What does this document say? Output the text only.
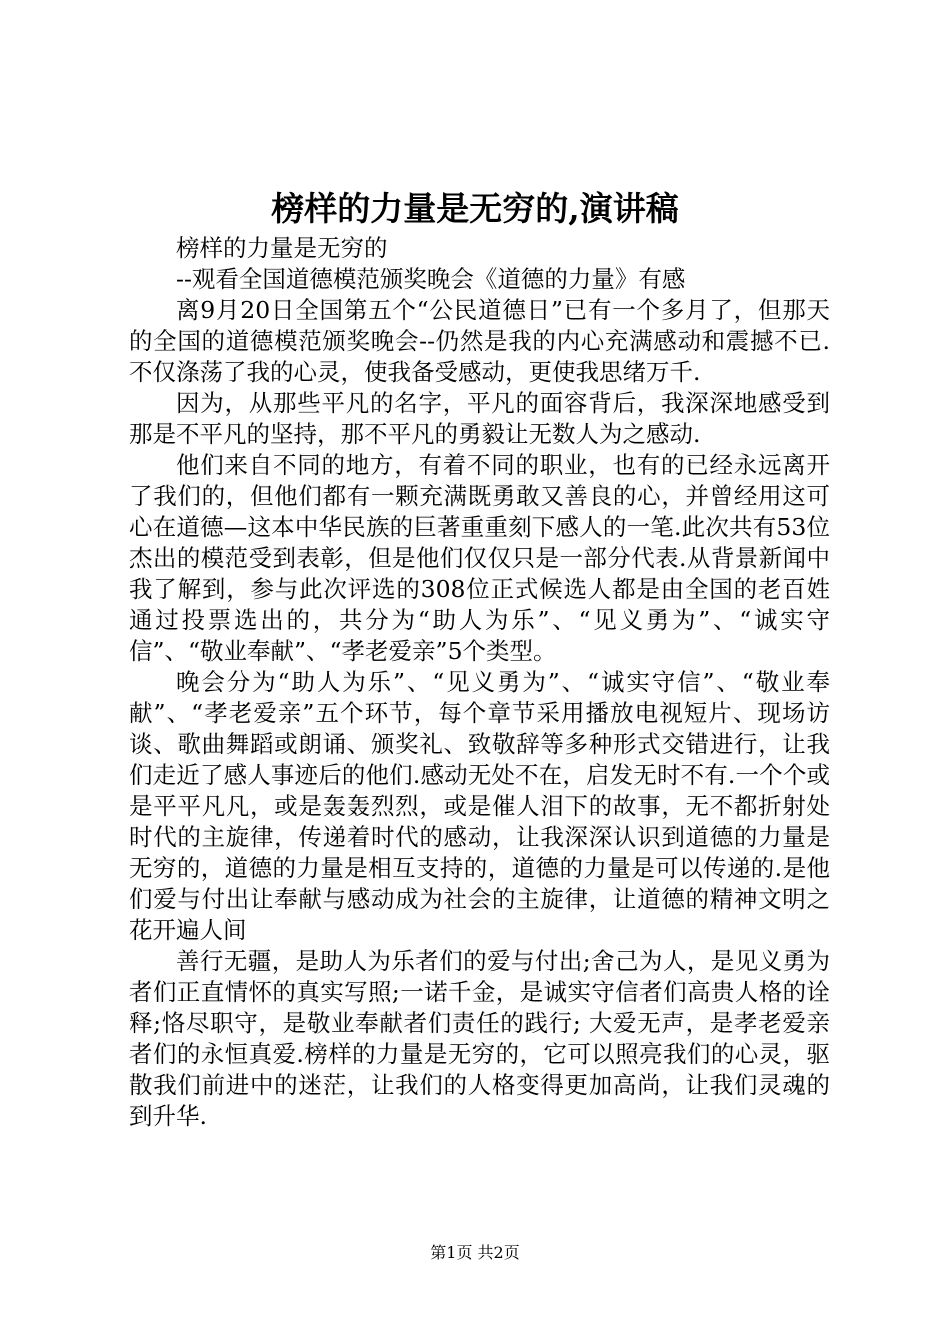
榜样的力量是无穷的,演讲稿

榜样的力量是无穷的

--观看全国道德模范颁奖晚会《道德的力量》有感

离9月20日全国第五个“公民道德日”已有一个多月了，但那天的全国的道德模范颁奖晚会--仍然是我的内心充满感动和震撼不已.不仅涤荡了我的心灵，使我备受感动，更使我思绪万千.

因为，从那些平凡的名字，平凡的面容背后，我深深地感受到那是不平凡的坚持，那不平凡的勇毅让无数人为之感动.

他们来自不同的地方，有着不同的职业，也有的已经永远离开了我们的，但他们都有一颗充满既勇敢又善良的心，并曾经用这可心在道德—这本中华民族的巨著重重刻下感人的一笔.此次共有53位杰出的模范受到表彰，但是他们仅仅只是一部分代表.从背景新闻中我了解到，参与此次评选的308位正式候选人都是由全国的老百姓通过投票选出的，共分为“助人为乐”、“见义勇为”、“诚实守信”、“敬业奉献”、“孝老爱亲”5个类型。

晚会分为“助人为乐”、“见义勇为”、“诚实守信”、“敬业奉献”、“孝老爱亲”五个环节，每个章节采用播放电视短片、现场访谈、歌曲舞蹈或朗诵、颁奖礼、致敬辞等多种形式交错进行，让我们走近了感人事迹后的他们.感动无处不在，启发无时不有.一个个或是平平凡凡，或是轰轰烈烈，或是催人泪下的故事，无不都折射处时代的主旋律，传递着时代的感动，让我深深认识到道德的力量是无穷的，道德的力量是相互支持的，道德的力量是可以传递的.是他们爱与付出让奉献与感动成为社会的主旋律，让道德的精神文明之花开遍人间

善行无疆，是助人为乐者们的爱与付出;舍己为人，是见义勇为者们正直情怀的真实写照;一诺千金，是诚实守信者们高贵人格的诠释;恪尽职守，是敬业奉献者们责任的践行; 大爱无声，是孝老爱亲者们的永恒真爱.榜样的力量是无穷的，它可以照亮我们的心灵，驱散我们前进中的迷茫，让我们的人格变得更加高尚，让我们灵魂的到升华.

第1页 共2页
